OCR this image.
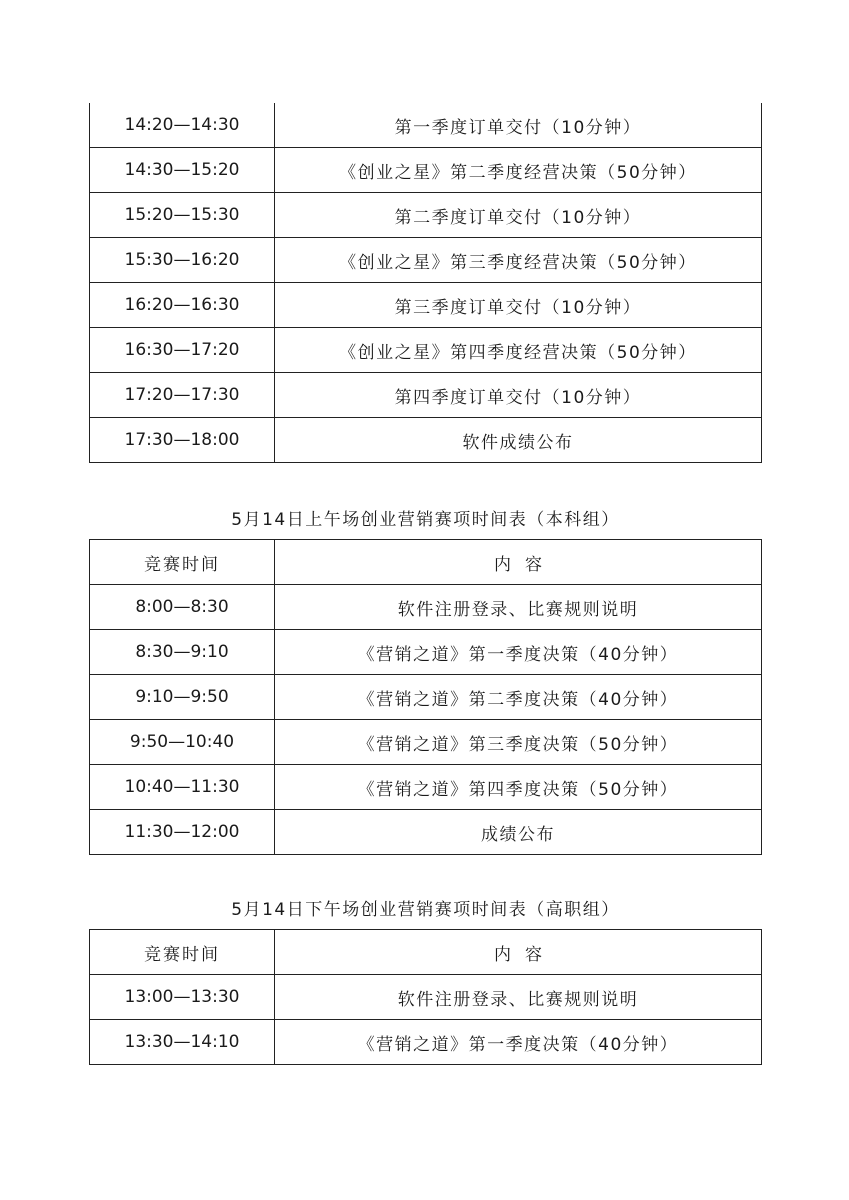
14:20—14:30	第一季度订单交付（10分钟）
14:30—15:20	《创业之星》第二季度经营决策（50分钟）
15:20—15:30	第二季度订单交付（10分钟）
15:30—16:20	《创业之星》第三季度经营决策（50分钟）
16:20—16:30	第三季度订单交付（10分钟）
16:30—17:20	《创业之星》第四季度经营决策（50分钟）
17:20—17:30	第四季度订单交付（10分钟）
17:30—18:00	软件成绩公布
5月14日上午场创业营销赛项时间表（本科组）
竞赛时间	内容
8:00—8:30	软件注册登录、比赛规则说明
8:30—9:10	《营销之道》第一季度决策（40分钟）
9:10—9:50	《营销之道》第二季度决策（40分钟）
9:50—10:40	《营销之道》第三季度决策（50分钟）
10:40—11:30	《营销之道》第四季度决策（50分钟）
11:30—12:00	成绩公布
5月14日下午场创业营销赛项时间表（高职组）
竞赛时间	内容
13:00—13:30	软件注册登录、比赛规则说明
13:30—14:10	《营销之道》第一季度决策（40分钟）
